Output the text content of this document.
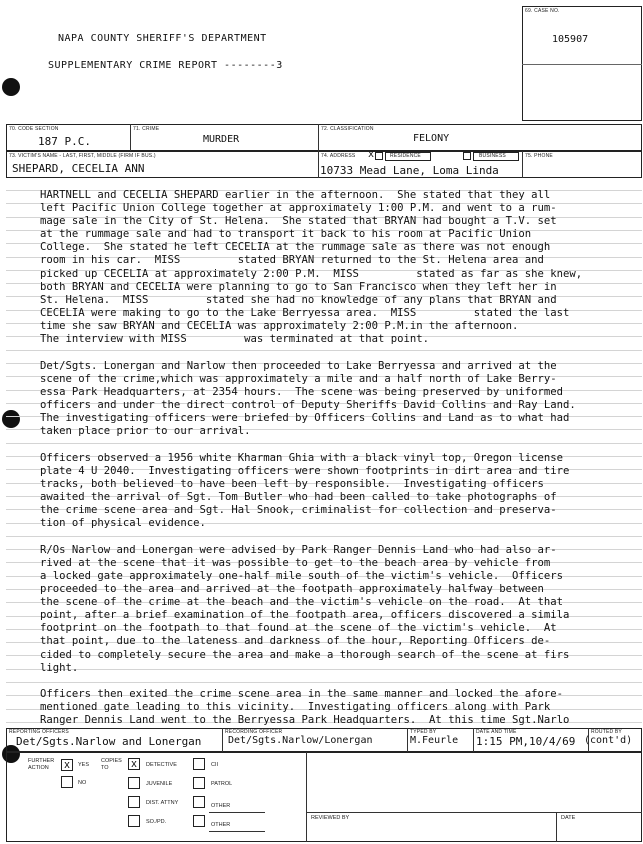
NAPA COUNTY SHERIFF'S DEPARTMENT
SUPPLEMENTARY CRIME REPORT --------3
69. CASE NO.
105907
70. CODE SECTION
187 P.C.
71. CRIME
MURDER
72. CLASSIFICATION
FELONY
73. VICTIM'S NAME - LAST, FIRST, MIDDLE (FIRM IF BUS.)
SHEPARD, CECELIA ANN
74. ADDRESS x	RESIDENCE	BUSINESS
10733 Mead Lane, Loma Linda
75. PHONE

HARTNELL and CECELIA SHEPARD earlier in the afternoon.  She stated that they all
left Pacific Union College together at approximately 1:00 P.M. and went to a rum-
mage sale in the City of St. Helena.  She stated that BRYAN had bought a T.V. set
at the rummage sale and had to transport it back to his room at Pacific Union
College.  She stated he left CECELIA at the rummage sale as there was not enough
room in his car.  MISS         stated BRYAN returned to the St. Helena area and
picked up CECELIA at approximately 2:00 P.M.  MISS         stated as far as she knew,
both BRYAN and CECELIA were planning to go to San Francisco when they left her in
St. Helena.  MISS         stated she had no knowledge of any plans that BRYAN and
CECELIA were making to go to the Lake Berryessa area.  MISS         stated the last
time she saw BRYAN and CECELIA was approximately 2:00 P.M.in the afternoon.
The interview with MISS         was terminated at that point.

Det/Sgts. Lonergan and Narlow then proceeded to Lake Berryessa and arrived at the
scene of the crime,which was approximately a mile and a half north of Lake Berry-
essa Park Headquarters, at 2354 hours.  The scene was being preserved by uniformed
officers and under the direct control of Deputy Sheriffs David Collins and Ray Land.
The investigating officers were briefed by Officers Collins and Land as to what had
taken place prior to our arrival.

Officers observed a 1956 white Kharman Ghia with a black vinyl top, Oregon license
plate 4 U 2040.  Investigating officers were shown footprints in dirt area and tire
tracks, both believed to have been left by responsible.  Investigating officers
awaited the arrival of Sgt. Tom Butler who had been called to take photographs of
the crime scene area and Sgt. Hal Snook, criminalist for collection and preserva-
tion of physical evidence.

R/Os Narlow and Lonergan were advised by Park Ranger Dennis Land who had also ar-
rived at the scene that it was possible to get to the beach area by vehicle from
a locked gate approximately one-half mile south of the victim's vehicle.  Officers
proceeded to the area and arrived at the footpath approximately halfway between
the scene of the crime at the beach and the victim's vehicle on the road.  At that
point, after a brief examination of the footpath area, officers discovered a simila
footprint on the footpath to that found at the scene of the victim's vehicle.  At
that point, due to the lateness and darkness of the hour, Reporting Officers de-
cided to completely secure the area and make a thorough search of the scene at firs
light.

Officers then exited the crime scene area in the same manner and locked the afore-
mentioned gate leading to this vicinity.  Investigating officers along with Park
Ranger Dennis Land went to the Berryessa Park Headquarters.  At this time Sgt.Narlo

REPORTING OFFICERS
Det/Sgts.Narlow and Lonergan
RECORDING OFFICER
Det/Sgts.Narlow/Lonergan
TYPED BY
M.Feurle
DATE AND TIME
1:15 PM,10/4/69
ROUTED BY
(cont'd)
FURTHER ACTION	x	YES
NO
COPIES TO	x	DETECTIVE
JUVENILE
DIST. ATTNY
SO./PD.
CII
PATROL
OTHER
OTHER
REVIEWED BY	DATE
